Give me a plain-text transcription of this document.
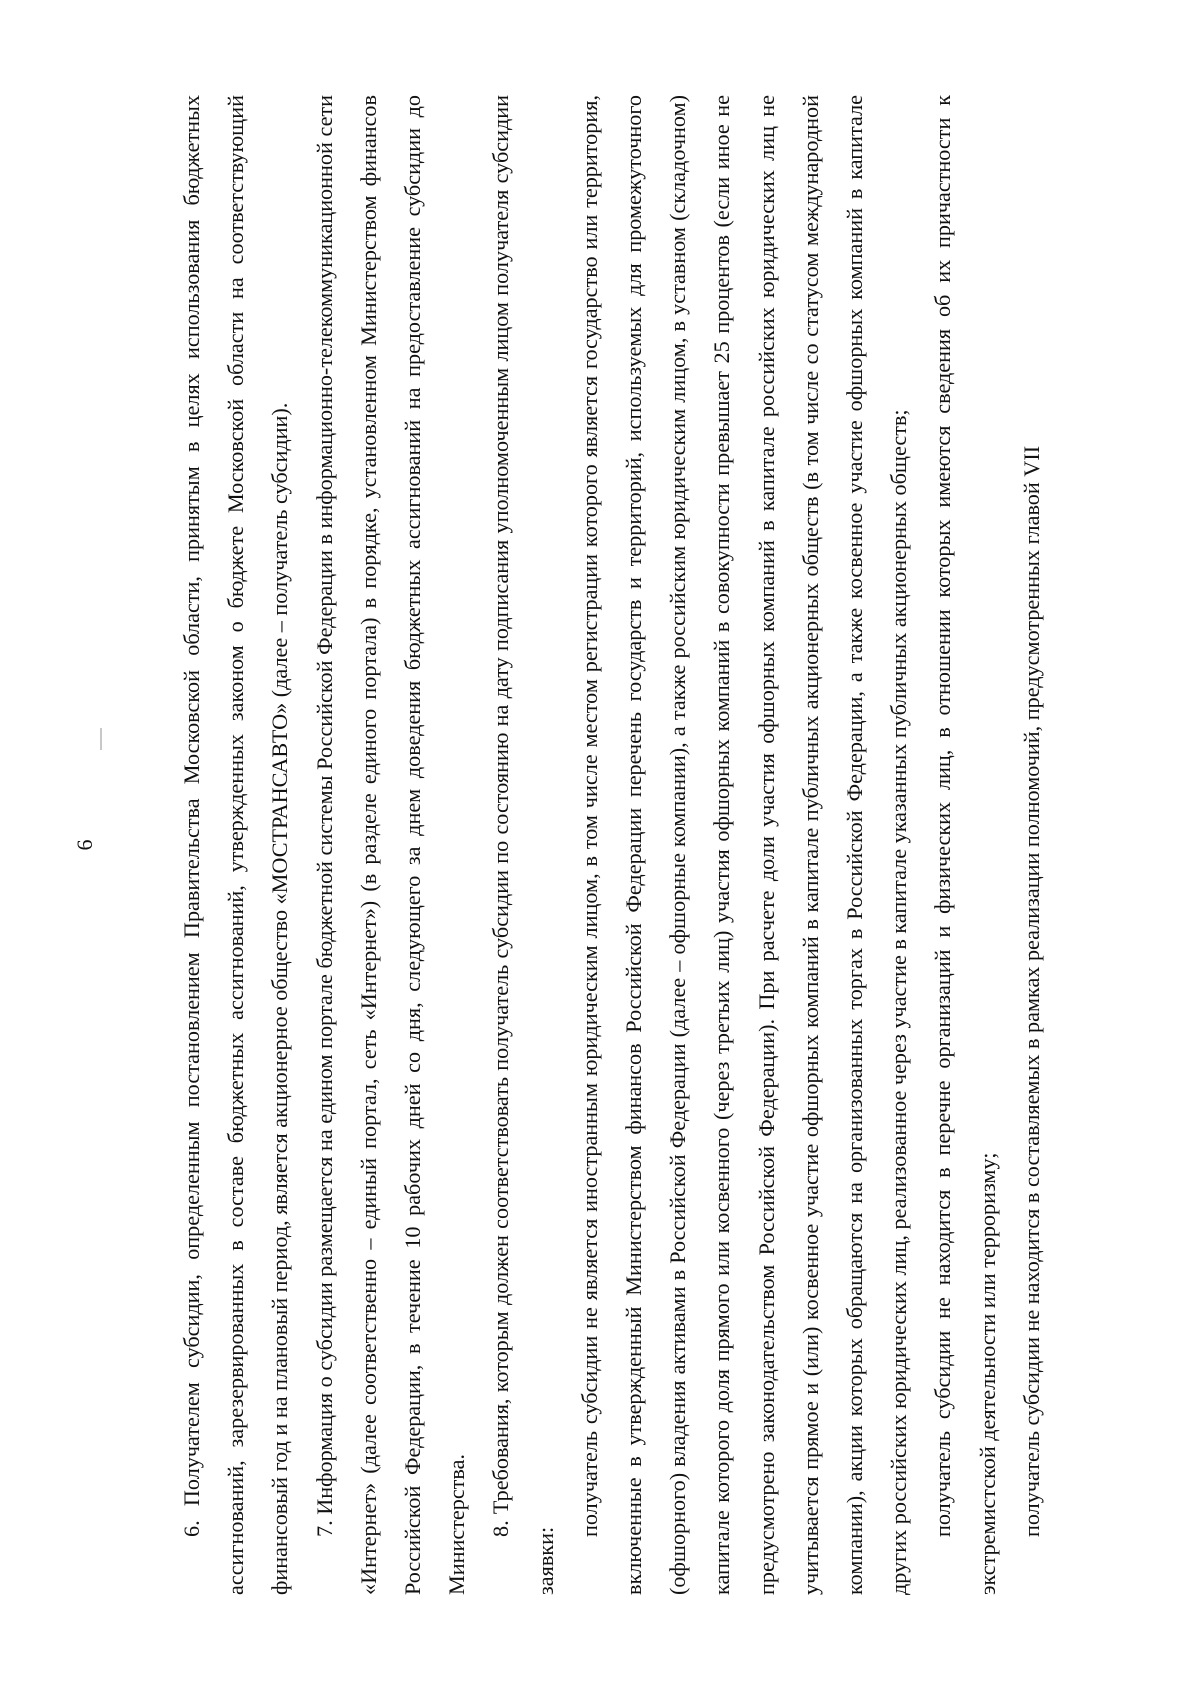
6	6. Получателем субсидии, определенным постановлением Правительства Московской области, принятым в целях использования бюджетных ассигнований, зарезервированных в составе бюджетных ассигнований, утвержденных законом о бюджете Московской области на соответствующий финансовый год и на плановый период, является акционерное общество «МОСТРАНСАВТО» (далее – получатель субсидии). 7. Информация о субсидии размещается на едином портале бюджетной системы Российской Федерации в информационно-телекоммуникационной сети «Интернет» (далее соответственно – единый портал, сеть «Интернет») (в разделе единого портала) в порядке, установленном Министерством финансов Российской Федерации, в течение 10 рабочих дней со дня, следующего за днем доведения бюджетных ассигнований на предоставление субсидии до Министерства. 8. Требования, которым должен соответствовать получатель субсидии по состоянию на дату подписания уполномоченным лицом получателя субсидии заявки:

получатель субсидии не является иностранным юридическим лицом, в том числе местом регистрации которого является государство или территория, включенные в утвержденный Министерством финансов Российской Федерации перечень государств и территорий, используемых для промежуточного (офшорного) владения активами в Российской Федерации (далее – офшорные компании), а также российским юридическим лицом, в уставном (складочном) капитале которого доля прямого или косвенного (через третьих лиц) участия офшорных компаний в совокупности превышает 25 процентов (если иное не предусмотрено законодательством Российской Федерации). При расчете доли участия офшорных компаний в капитале российских юридических лиц не учитывается прямое и (или) косвенное участие офшорных компаний в капитале публичных акционерных обществ (в том числе со статусом международной компании), акции которых обращаются на организованных торгах в Российской Федерации, а также косвенное участие офшорных компаний в капитале других российских юридических лиц, реализованное через участие в капитале указанных публичных акционерных обществ; получатель субсидии не находится в перечне организаций и физических лиц, в отношении которых имеются сведения об их причастности к экстремистской деятельности или терроризму; получатель субсидии не находится в составляемых в рамках реализации полномочий, предусмотренных главой VII
